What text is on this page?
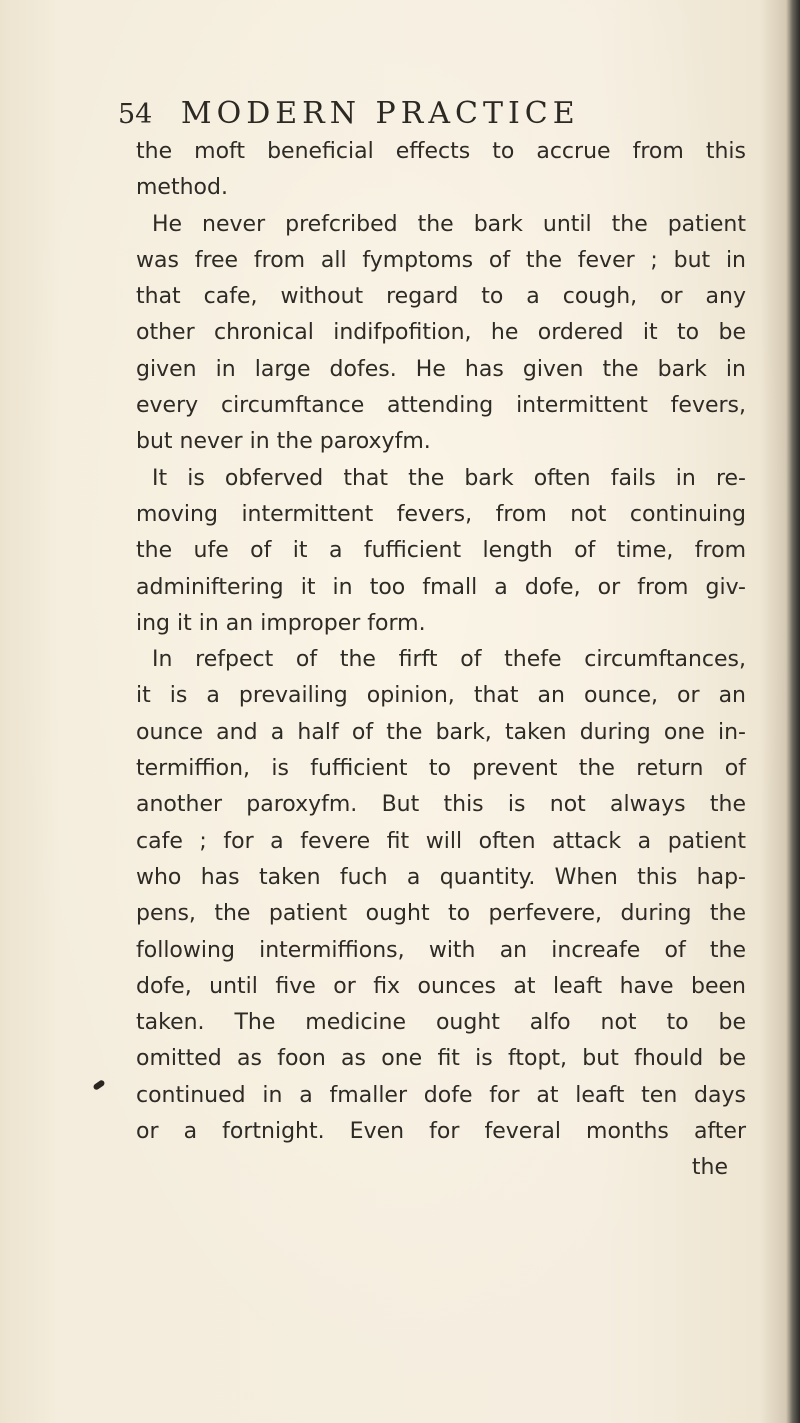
54 MODERN PRACTICE
the moft beneficial effects to accrue from this
method.
He never prefcribed the bark until the patient
was free from all fymptoms of the fever ; but in
that cafe, without regard to a cough, or any
other chronical indifpofition, he ordered it to be
given in large dofes. He has given the bark in
every circumftance attending intermittent fevers,
but never in the paroxyfm.
It is obferved that the bark often fails in re-
moving intermittent fevers, from not continuing
the ufe of it a fufficient length of time, from
adminiftering it in too fmall a dofe, or from giv-
ing it in an improper form.
In refpect of the firft of thefe circumftances,
it is a prevailing opinion, that an ounce, or an
ounce and a half of the bark, taken during one in-
termiffion, is fufficient to prevent the return of
another paroxyfm. But this is not always the
cafe ; for a fevere fit will often attack a patient
who has taken fuch a quantity. When this hap-
pens, the patient ought to perfevere, during the
following intermiffions, with an increafe of the
dofe, until five or fix ounces at leaft have been
taken. The medicine ought alfo not to be
omitted as foon as one fit is ftopt, but fhould be
continued in a fmaller dofe for at leaft ten days
or a fortnight. Even for feveral months after
the
